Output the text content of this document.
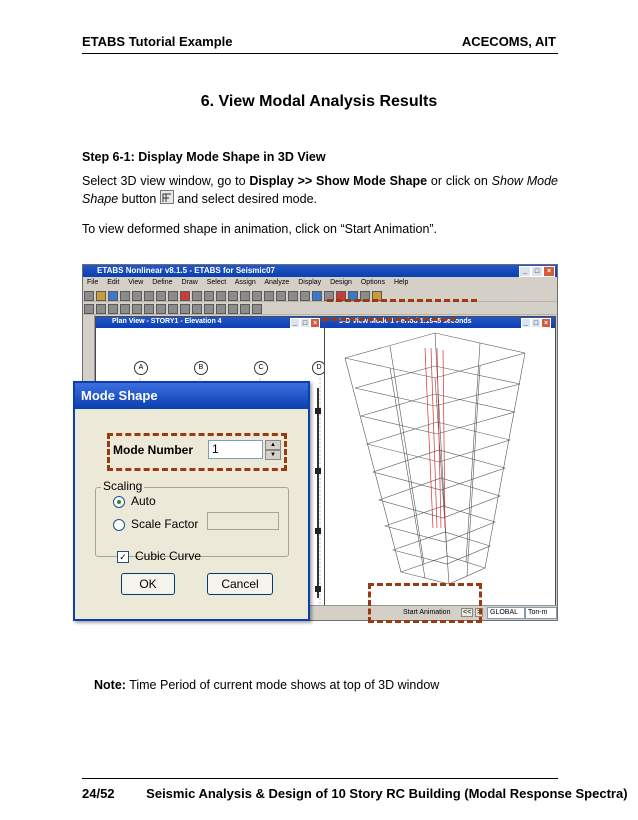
ETABS Tutorial Example	ACECOMS, AIT
6. View Modal Analysis Results
Step 6-1: Display Mode Shape in 3D View
Select 3D view window, go to Display >> Show Mode Shape or click on Show Mode Shape button  and select desired mode.
To view deformed shape in animation, click on “Start Animation”.
ETABS Nonlinear v8.1.5 - ETABS for Seismic07	_	□	×
File Edit View Define Draw Select Assign Analyze Display Design Options Help
Plan View - STORY1 - Elevation 4	_ □ ×
A	B	C	D
3-D View Mode 1 Period 1.1945 seconds	_ □ ×
Start Animation << >	GLOBAL	Ton-m
Mode Shape
Mode Number	1	▲
▼
Scaling
Auto
Scale Factor
✓ Cubic Curve
OK	Cancel
Note: Time Period of current mode shows at top of 3D window
24/52 Seismic Analysis & Design of 10 Story RC Building (Modal Response Spectra)
